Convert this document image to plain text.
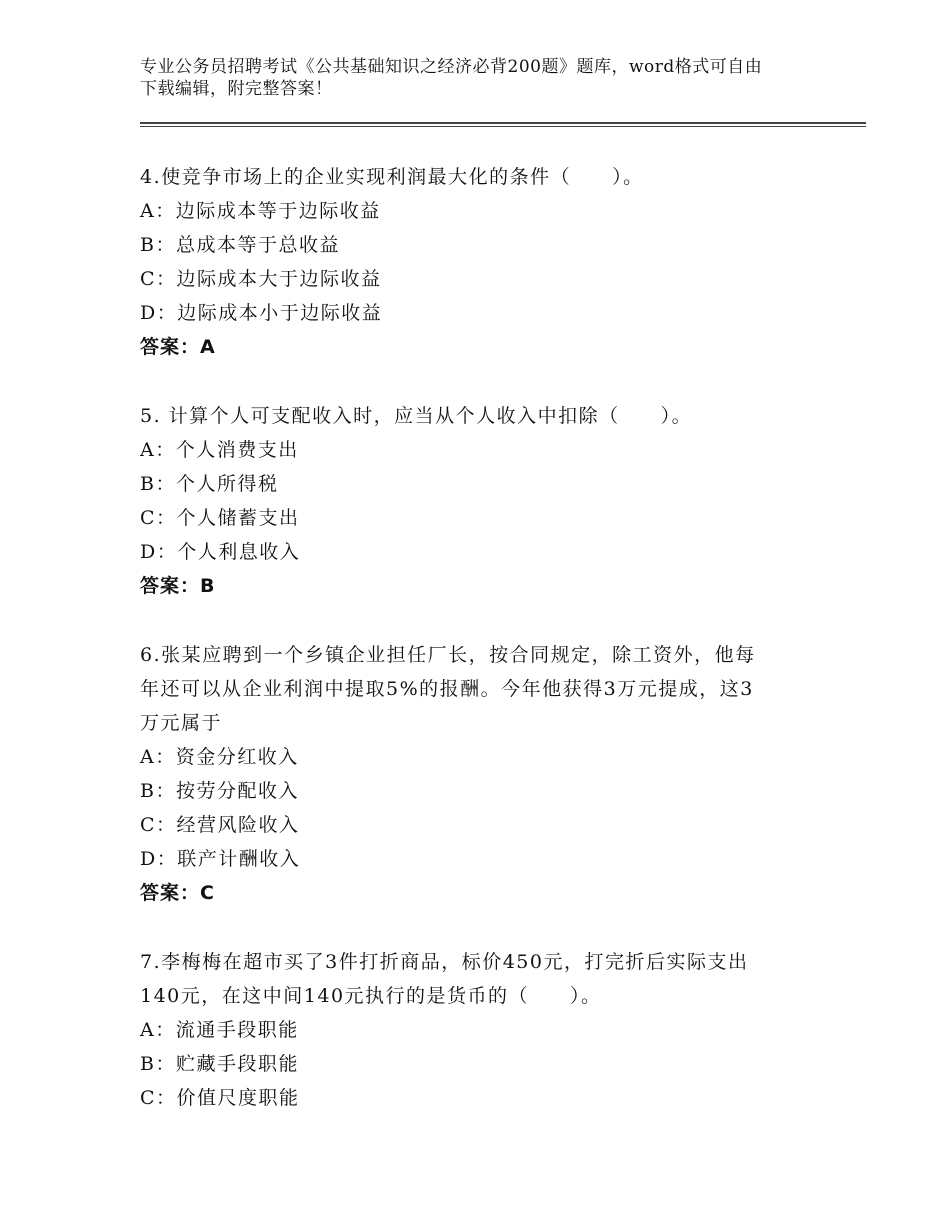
专业公务员招聘考试《公共基础知识之经济必背200题》题库，word格式可自由
下载编辑，附完整答案！
4.使竞争市场上的企业实现利润最大化的条件（　　）。
A：边际成本等于边际收益
B：总成本等于总收益
C：边际成本大于边际收益
D：边际成本小于边际收益
答案：A
5. 计算个人可支配收入时，应当从个人收入中扣除（　　）。
A：个人消费支出
B：个人所得税
C：个人储蓄支出
D：个人利息收入
答案：B
6.张某应聘到一个乡镇企业担任厂长，按合同规定，除工资外，他每
年还可以从企业利润中提取5%的报酬。今年他获得3万元提成，这3
万元属于
A：资金分红收入
B：按劳分配收入
C：经营风险收入
D：联产计酬收入
答案：C
7.李梅梅在超市买了3件打折商品，标价450元，打完折后实际支出
140元，在这中间140元执行的是货币的（　　）。
A：流通手段职能
B：贮藏手段职能
C：价值尺度职能
